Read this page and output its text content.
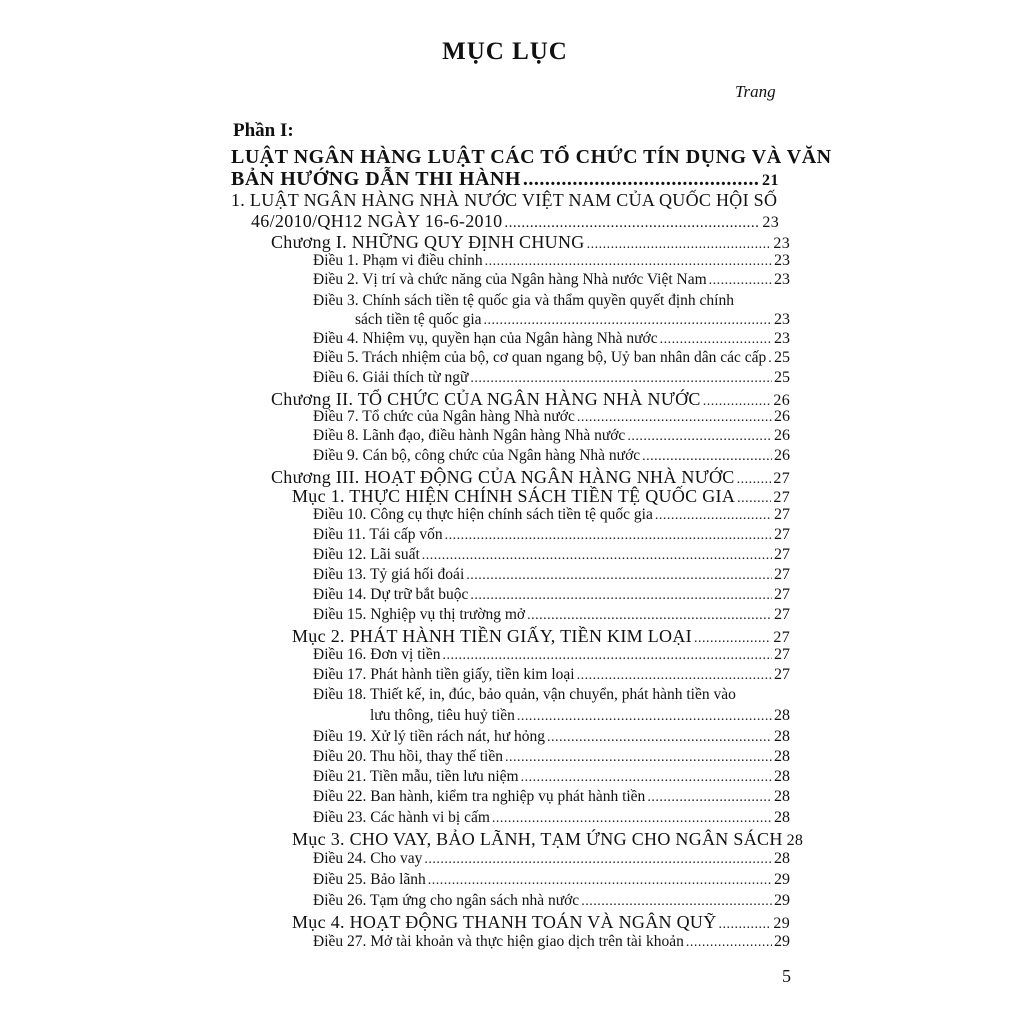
MỤC LỤC
Trang
Phần I:
LUẬT NGÂN HÀNG LUẬT CÁC TỔ CHỨC TÍN DỤNG VÀ VĂN
BẢN HƯỚNG DẪN THI HÀNH .....	21
1. LUẬT NGÂN HÀNG NHÀ NƯỚC VIỆT NAM CỦA QUỐC HỘI SỐ
46/2010/QH12 NGÀY 16-6-2010 .....	23
Chương I. NHỮNG QUY ĐỊNH CHUNG .....	23
Điều 1. Phạm vi điều chỉnh .....	23
Điều 2. Vị trí và chức năng của Ngân hàng Nhà nước Việt Nam .....	23
Điều 3. Chính sách tiền tệ quốc gia và thẩm quyền quyết định chính
sách tiền tệ quốc gia .....	23
Điều 4. Nhiệm vụ, quyền hạn của Ngân hàng Nhà nước .....	23
Điều 5. Trách nhiệm của bộ, cơ quan ngang bộ, Uỷ ban nhân dân các cấp ..... 25
Điều 6. Giải thích từ ngữ .....	25
Chương II. TỔ CHỨC CỦA NGÂN HÀNG NHÀ NƯỚC .....	26
Điều 7. Tổ chức của Ngân hàng Nhà nước .....	26
Điều 8. Lãnh đạo, điều hành Ngân hàng Nhà nước .....	26
Điều 9. Cán bộ, công chức của Ngân hàng Nhà nước .....	26
Chương III. HOẠT ĐỘNG CỦA NGÂN HÀNG NHÀ NƯỚC ..... 27
Mục 1. THỰC HIỆN CHÍNH SÁCH TIỀN TỆ QUỐC GIA ..... 27
Điều 10. Công cụ thực hiện chính sách tiền tệ quốc gia .....	27
Điều 11. Tái cấp vốn .....	27
Điều 12. Lãi suất .....	27
Điều 13. Tỷ giá hối đoái .....	27
Điều 14. Dự trữ bắt buộc .....	27
Điều 15. Nghiệp vụ thị trường mở .....	27
Mục 2. PHÁT HÀNH TIỀN GIẤY, TIỀN KIM LOẠI .....	27
Điều 16. Đơn vị tiền .....	27
Điều 17. Phát hành tiền giấy, tiền kim loại .....	27
Điều 18. Thiết kế, in, đúc, bảo quản, vận chuyển, phát hành tiền vào
lưu thông, tiêu huỷ tiền .....	28
Điều 19. Xử lý tiền rách nát, hư hỏng .....	28
Điều 20. Thu hồi, thay thế tiền .....	28
Điều 21. Tiền mẫu, tiền lưu niệm .....	28
Điều 22. Ban hành, kiểm tra nghiệp vụ phát hành tiền .....	28
Điều 23. Các hành vi bị cấm .....	28
Mục 3. CHO VAY, BẢO LÃNH, TẠM ỨNG CHO NGÂN SÁCH 28
Điều 24. Cho vay .....	28
Điều 25. Bảo lãnh .....	29
Điều 26. Tạm ứng cho ngân sách nhà nước .....	29
Mục 4. HOẠT ĐỘNG THANH TOÁN VÀ NGÂN QUỸ .....	29
Điều 27. Mở tài khoản và thực hiện giao dịch trên tài khoản .....	29
5
